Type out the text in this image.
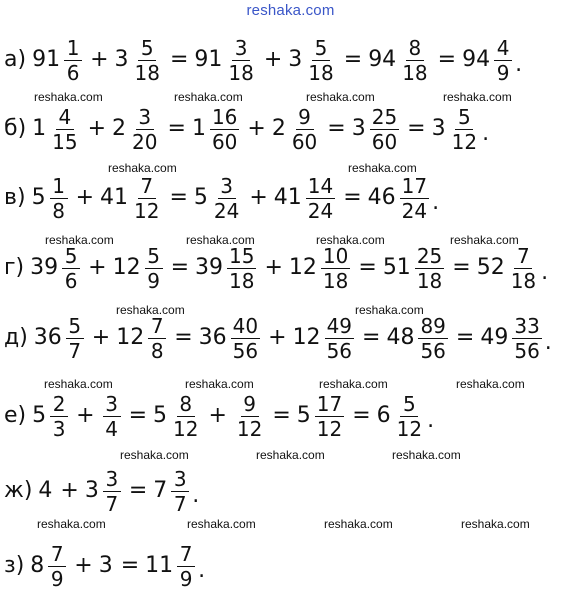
reshaka.com
а) $91 \frac{1}{6} + 3 \frac{5}{18} = 91 \frac{3}{18} + 3 \frac{5}{18} = 94 \frac{8}{18} = 94 \frac{4}{9}$ .
б) $1 \frac{4}{15} + 2 \frac{3}{20} = 1 \frac{16}{60} + 2 \frac{9}{60} = 3 \frac{25}{60} = 3 \frac{5}{12}$ .
в) $5 \frac{1}{8} + 41 \frac{7}{12} = 5 \frac{3}{24} + 41 \frac{14}{24} = 46 \frac{17}{24}$ .
г) $39 \frac{5}{6} + 12 \frac{5}{9} = 39 \frac{15}{18} + 12 \frac{10}{18} = 51 \frac{25}{18} = 52 \frac{7}{18}$ .
д) $36 \frac{5}{7} + 12 \frac{7}{8} = 36 \frac{40}{56} + 12 \frac{49}{56} = 48 \frac{89}{56} = 49 \frac{33}{56}$ .
е) $5 \frac{2}{3} + \frac{3}{4} = 5 \frac{8}{12} + \frac{9}{12} = 5 \frac{17}{12} = 6 \frac{5}{12}$ .
ж) $4 + 3 \frac{3}{7} = 7 \frac{3}{7}$ .
з) $8 \frac{7}{9} + 3 = 11 \frac{7}{9}$ .
reshaka.com	reshaka.com	reshaka.com	reshaka.com
reshaka.com	reshaka.com
reshaka.com	reshaka.com	reshaka.com	reshaka.com
reshaka.com	reshaka.com
reshaka.com	reshaka.com	reshaka.com	reshaka.com
reshaka.com	reshaka.com	reshaka.com
reshaka.com	reshaka.com	reshaka.com	reshaka.com
